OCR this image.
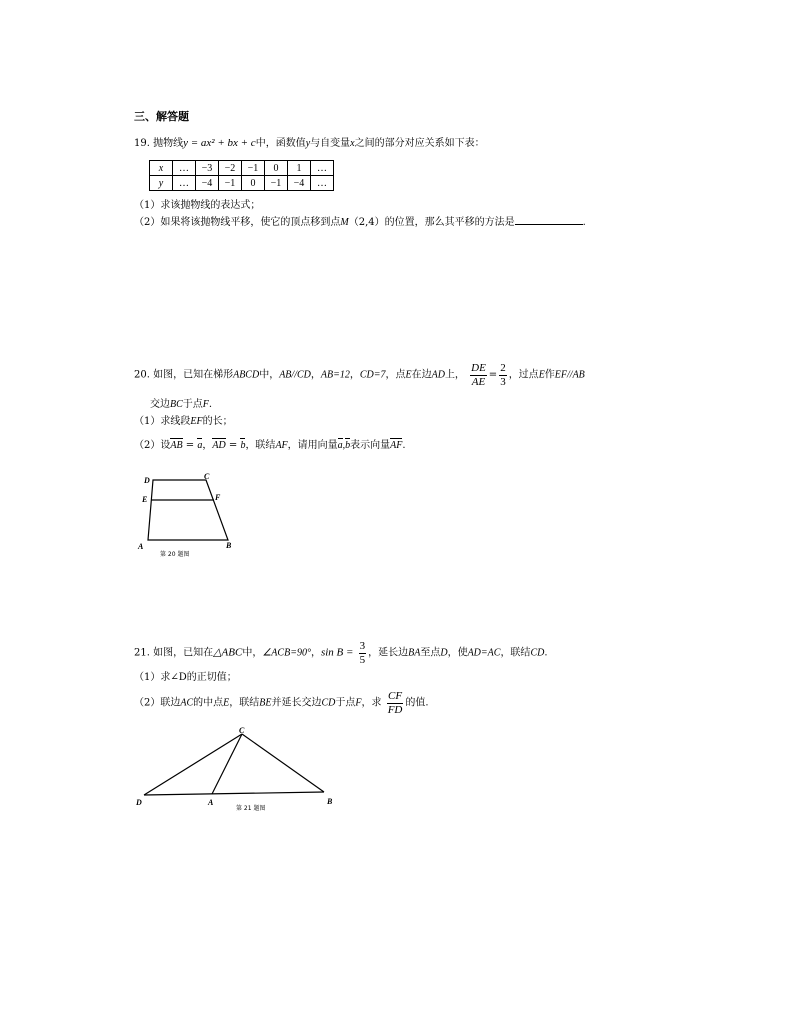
三、解答题
19. 抛物线y = ax² + bx + c中，函数值y与自变量x之间的部分对应关系如下表：
x	…	−3	−2	−1	0	1	…
y	…	−4	−1	0	−1	−4	…
（1）求该抛物线的表达式；
（2）如果将该抛物线平移，使它的顶点移到点M（2,4）的位置，那么其平移的方法是	.
20. 如图，已知在梯形ABCD中，AB//CD，AB=12，CD=7，点E在边AD上， $\frac{DE}{AE} = \frac{2}{3}$ ，过点E作EF//AB
交边BC于点F.
（1）求线段EF的长；
（2）设AB = a，AD = b，联结AF，请用向量a,b表示向量AF.
D	C
E	F
A	B
第 20 题图
21. 如图，已知在△ABC中，∠ACB=90°，$\sin B = \frac{3}{5}$ ，延长边BA至点D，使AD=AC，联结CD.
（1）求∠D的正切值；
（2）联边AC的中点E，联结BE并延长交边CD于点F，求 $\frac{CF}{FD}$ 的值.
C
D	A	B
第 21 题图
